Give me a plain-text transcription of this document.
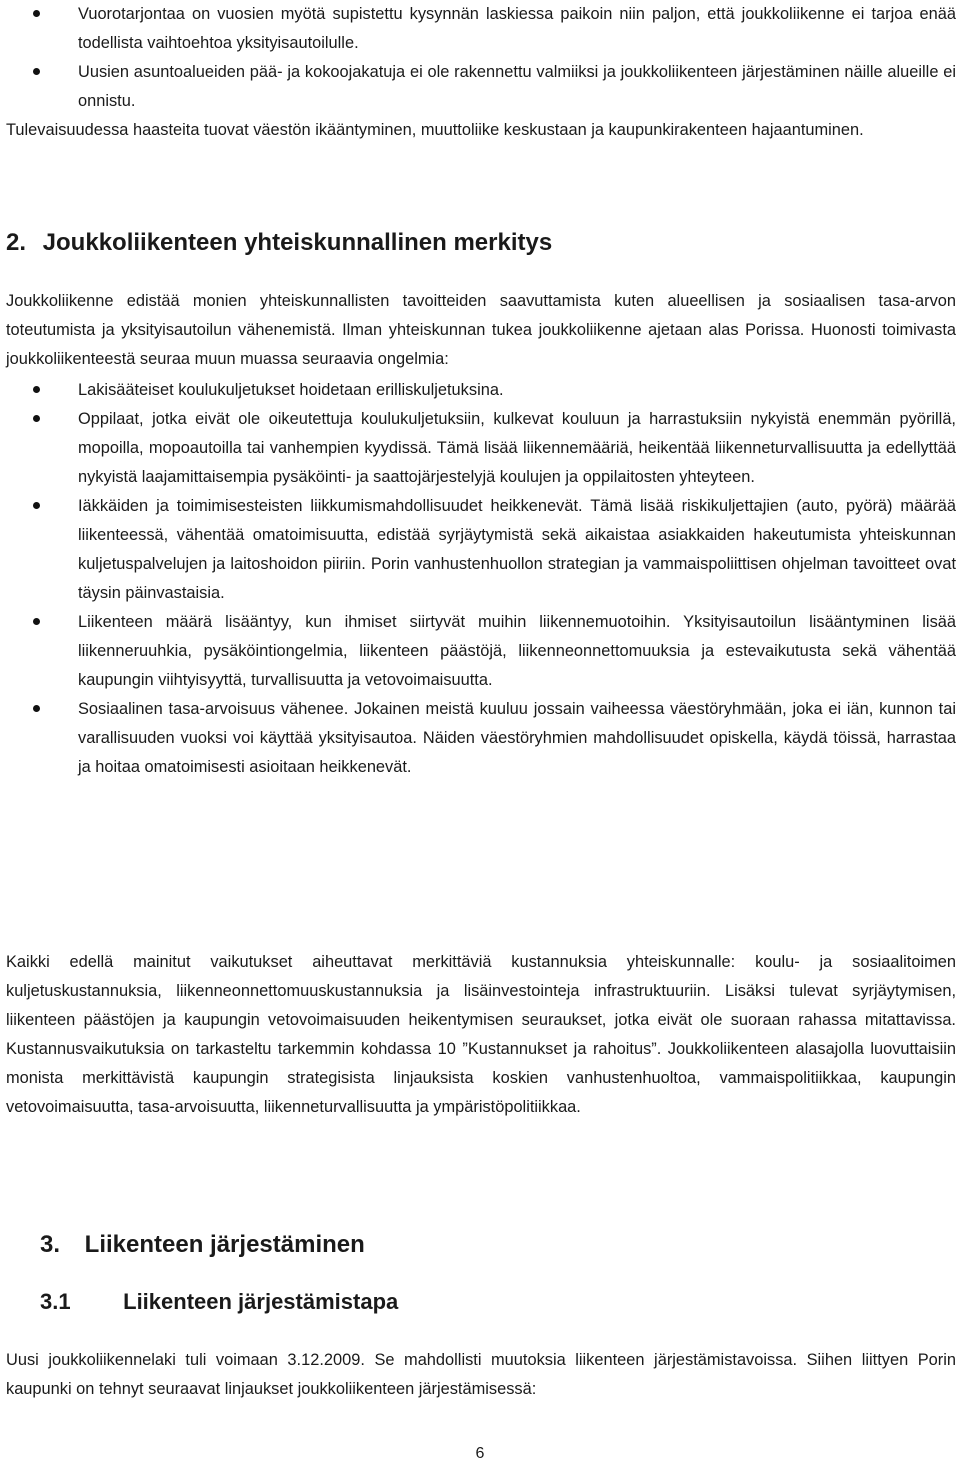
Vuorotarjontaa on vuosien myötä supistettu kysynnän laskiessa paikoin niin paljon, että joukkoliikenne ei tarjoa enää todellista vaihtoehtoa yksityisautoilulle.
Uusien asuntoalueiden pää- ja kokoojakatuja ei ole rakennettu valmiiksi ja joukkoliikenteen järjestäminen näille alueille ei onnistu.

Tulevaisuudessa haasteita tuovat väestön ikääntyminen, muuttoliike keskustaan ja kaupunkirakenteen hajaantuminen.

2. Joukkoliikenteen yhteiskunnallinen merkitys

Joukkoliikenne edistää monien yhteiskunnallisten tavoitteiden saavuttamista kuten alueellisen ja sosiaalisen tasa-arvon toteutumista ja yksityisautoilun vähenemistä. Ilman yhteiskunnan tukea joukkoliikenne ajetaan alas Porissa. Huonosti toimivasta joukkoliikenteestä seuraa muun muassa seuraavia ongelmia:

Lakisääteiset koulukuljetukset hoidetaan erilliskuljetuksina.
Oppilaat, jotka eivät ole oikeutettuja koulukuljetuksiin, kulkevat kouluun ja harrastuksiin nykyistä enemmän pyörillä, mopoilla, mopoautoilla tai vanhempien kyydissä. Tämä lisää liikennemääriä, heikentää liikenneturvallisuutta ja edellyttää nykyistä laajamittaisempia pysäköinti- ja saattojärjestelyjä koulujen ja oppilaitosten yhteyteen.
Iäkkäiden ja toimimisesteisten liikkumismahdollisuudet heikkenevät. Tämä lisää riskikuljettajien (auto, pyörä) määrää liikenteessä, vähentää omatoimisuutta, edistää syrjäytymistä sekä aikaistaa asiakkaiden hakeutumista yhteiskunnan kuljetuspalvelujen ja laitoshoidon piiriin. Porin vanhustenhuollon strategian ja vammaispoliittisen ohjelman tavoitteet ovat täysin päinvastaisia.
Liikenteen määrä lisääntyy, kun ihmiset siirtyvät muihin liikennemuotoihin. Yksityisautoilun lisääntyminen lisää liikenneruuhkia, pysäköintiongelmia, liikenteen päästöjä, liikenneonnettomuuksia ja estevaikutusta sekä vähentää kaupungin viihtyisyyttä, turvallisuutta ja vetovoimaisuutta.
Sosiaalinen tasa-arvoisuus vähenee. Jokainen meistä kuuluu jossain vaiheessa väestöryhmään, joka ei iän, kunnon tai varallisuuden vuoksi voi käyttää yksityisautoa. Näiden väestöryhmien mahdollisuudet opiskella, käydä töissä, harrastaa ja hoitaa omatoimisesti asioitaan heikkenevät.

Kaikki edellä mainitut vaikutukset aiheuttavat merkittäviä kustannuksia yhteiskunnalle: koulu- ja sosiaalitoimen kuljetuskustannuksia, liikenneonnettomuuskustannuksia ja lisäinvestointeja infrastruktuuriin. Lisäksi tulevat syrjäytymisen, liikenteen päästöjen ja kaupungin vetovoimaisuuden heikentymisen seuraukset, jotka eivät ole suoraan rahassa mitattavissa. Kustannusvaikutuksia on tarkasteltu tarkemmin kohdassa 10 ”Kustannukset ja rahoitus”. Joukkoliikenteen alasajolla luovuttaisiin monista merkittävistä kaupungin strategisista linjauksista koskien vanhustenhuoltoa, vammaispolitiikkaa, kaupungin vetovoimaisuutta, tasa-arvoisuutta, liikenneturvallisuutta ja ympäristöpolitiikkaa.

3. Liikenteen järjestäminen
3.1 Liikenteen järjestämistapa

Uusi joukkoliikennelaki tuli voimaan 3.12.2009. Se mahdollisti muutoksia liikenteen järjestämistavoissa. Siihen liittyen Porin kaupunki on tehnyt seuraavat linjaukset joukkoliikenteen järjestämisessä:

6
